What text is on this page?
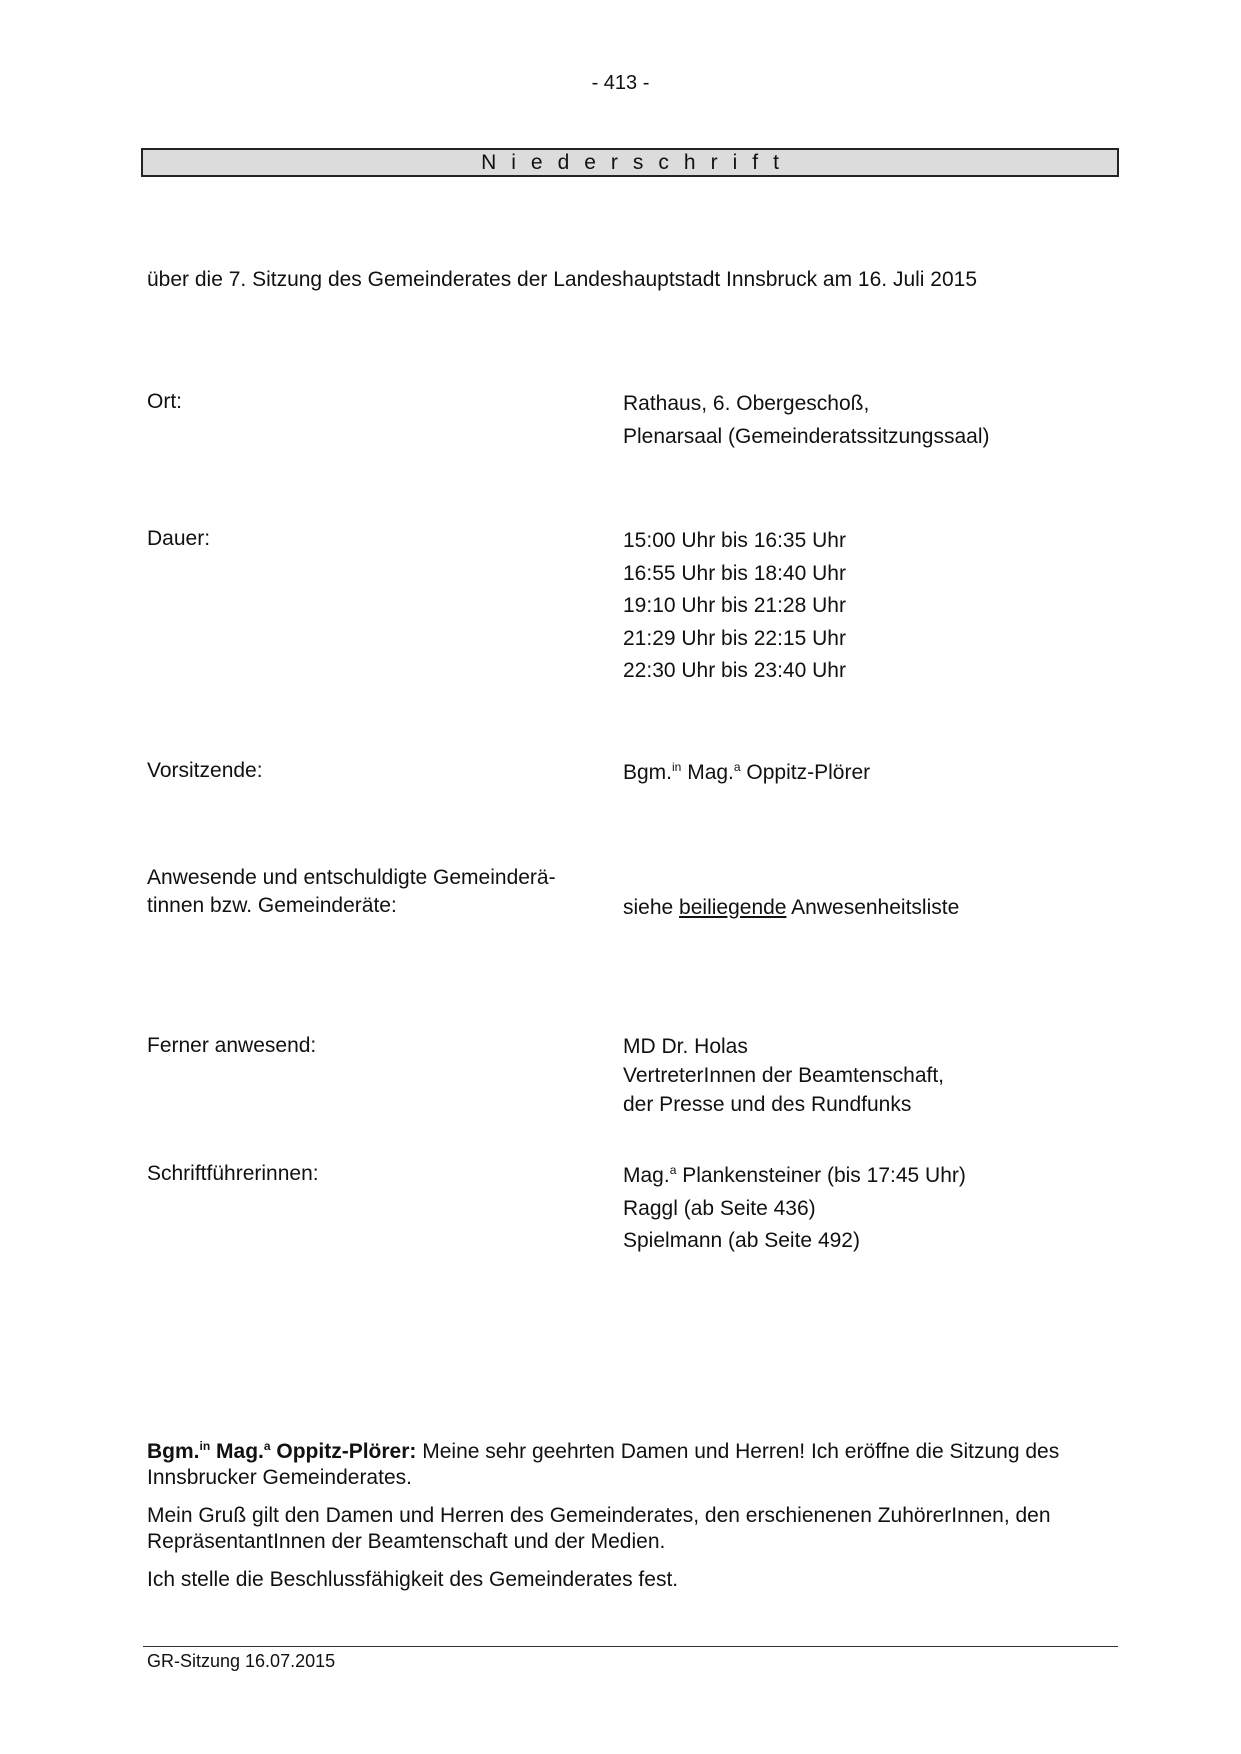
- 413 -
Niederschrift
über die 7. Sitzung des Gemeinderates der Landeshauptstadt Innsbruck am 16. Juli 2015
Ort:	Rathaus, 6. Obergeschoß,
Plenarsaal (Gemeinderatssitzungssaal)
Dauer:	15:00 Uhr bis 16:35 Uhr
16:55 Uhr bis 18:40 Uhr
19:10 Uhr bis 21:28 Uhr
21:29 Uhr bis 22:15 Uhr
22:30 Uhr bis 23:40 Uhr
Vorsitzende:	Bgm.$^{in}$ Mag.$^a$ Oppitz-Plörer
Anwesende und entschuldigte Gemeinderä-
tinnen bzw. Gemeinderäte:	siehe beiliegende Anwesenheitsliste
Ferner anwesend:	MD Dr. Holas
VertreterInnen der Beamtenschaft,
der Presse und des Rundfunks
Schriftführerinnen:	Mag.$^a$ Plankensteiner (bis 17:45 Uhr)
Raggl (ab Seite 436)
Spielmann (ab Seite 492)
Bgm.$^{in}$ Mag.$^a$ Oppitz-Plörer: Meine sehr geehrten Damen und Herren! Ich eröffne die Sitzung des Innsbrucker Gemeinderates.
Mein Gruß gilt den Damen und Herren des Gemeinderates, den erschienenen ZuhörerInnen, den RepräsentantInnen der Beamtenschaft und der Medien.
Ich stelle die Beschlussfähigkeit des Gemeinderates fest.
GR-Sitzung 16.07.2015
